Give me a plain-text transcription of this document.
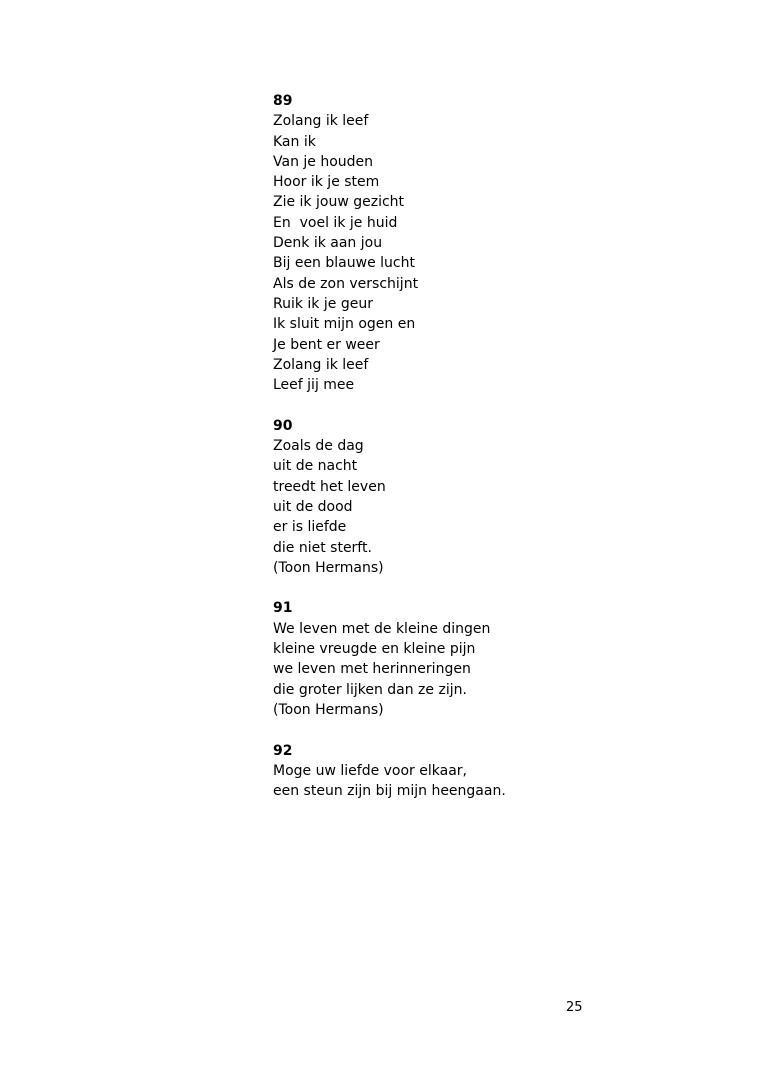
89
Zolang ik leef
Kan ik
Van je houden
Hoor ik je stem
Zie ik jouw gezicht
En  voel ik je huid
Denk ik aan jou
Bij een blauwe lucht
Als de zon verschijnt
Ruik ik je geur
Ik sluit mijn ogen en
Je bent er weer
Zolang ik leef
Leef jij mee
90
Zoals de dag
uit de nacht
treedt het leven
uit de dood
er is liefde
die niet sterft.
(Toon Hermans)
91
We leven met de kleine dingen
kleine vreugde en kleine pijn
we leven met herinneringen
die groter lijken dan ze zijn.
(Toon Hermans)
92
Moge uw liefde voor elkaar,
een steun zijn bij mijn heengaan.
25
